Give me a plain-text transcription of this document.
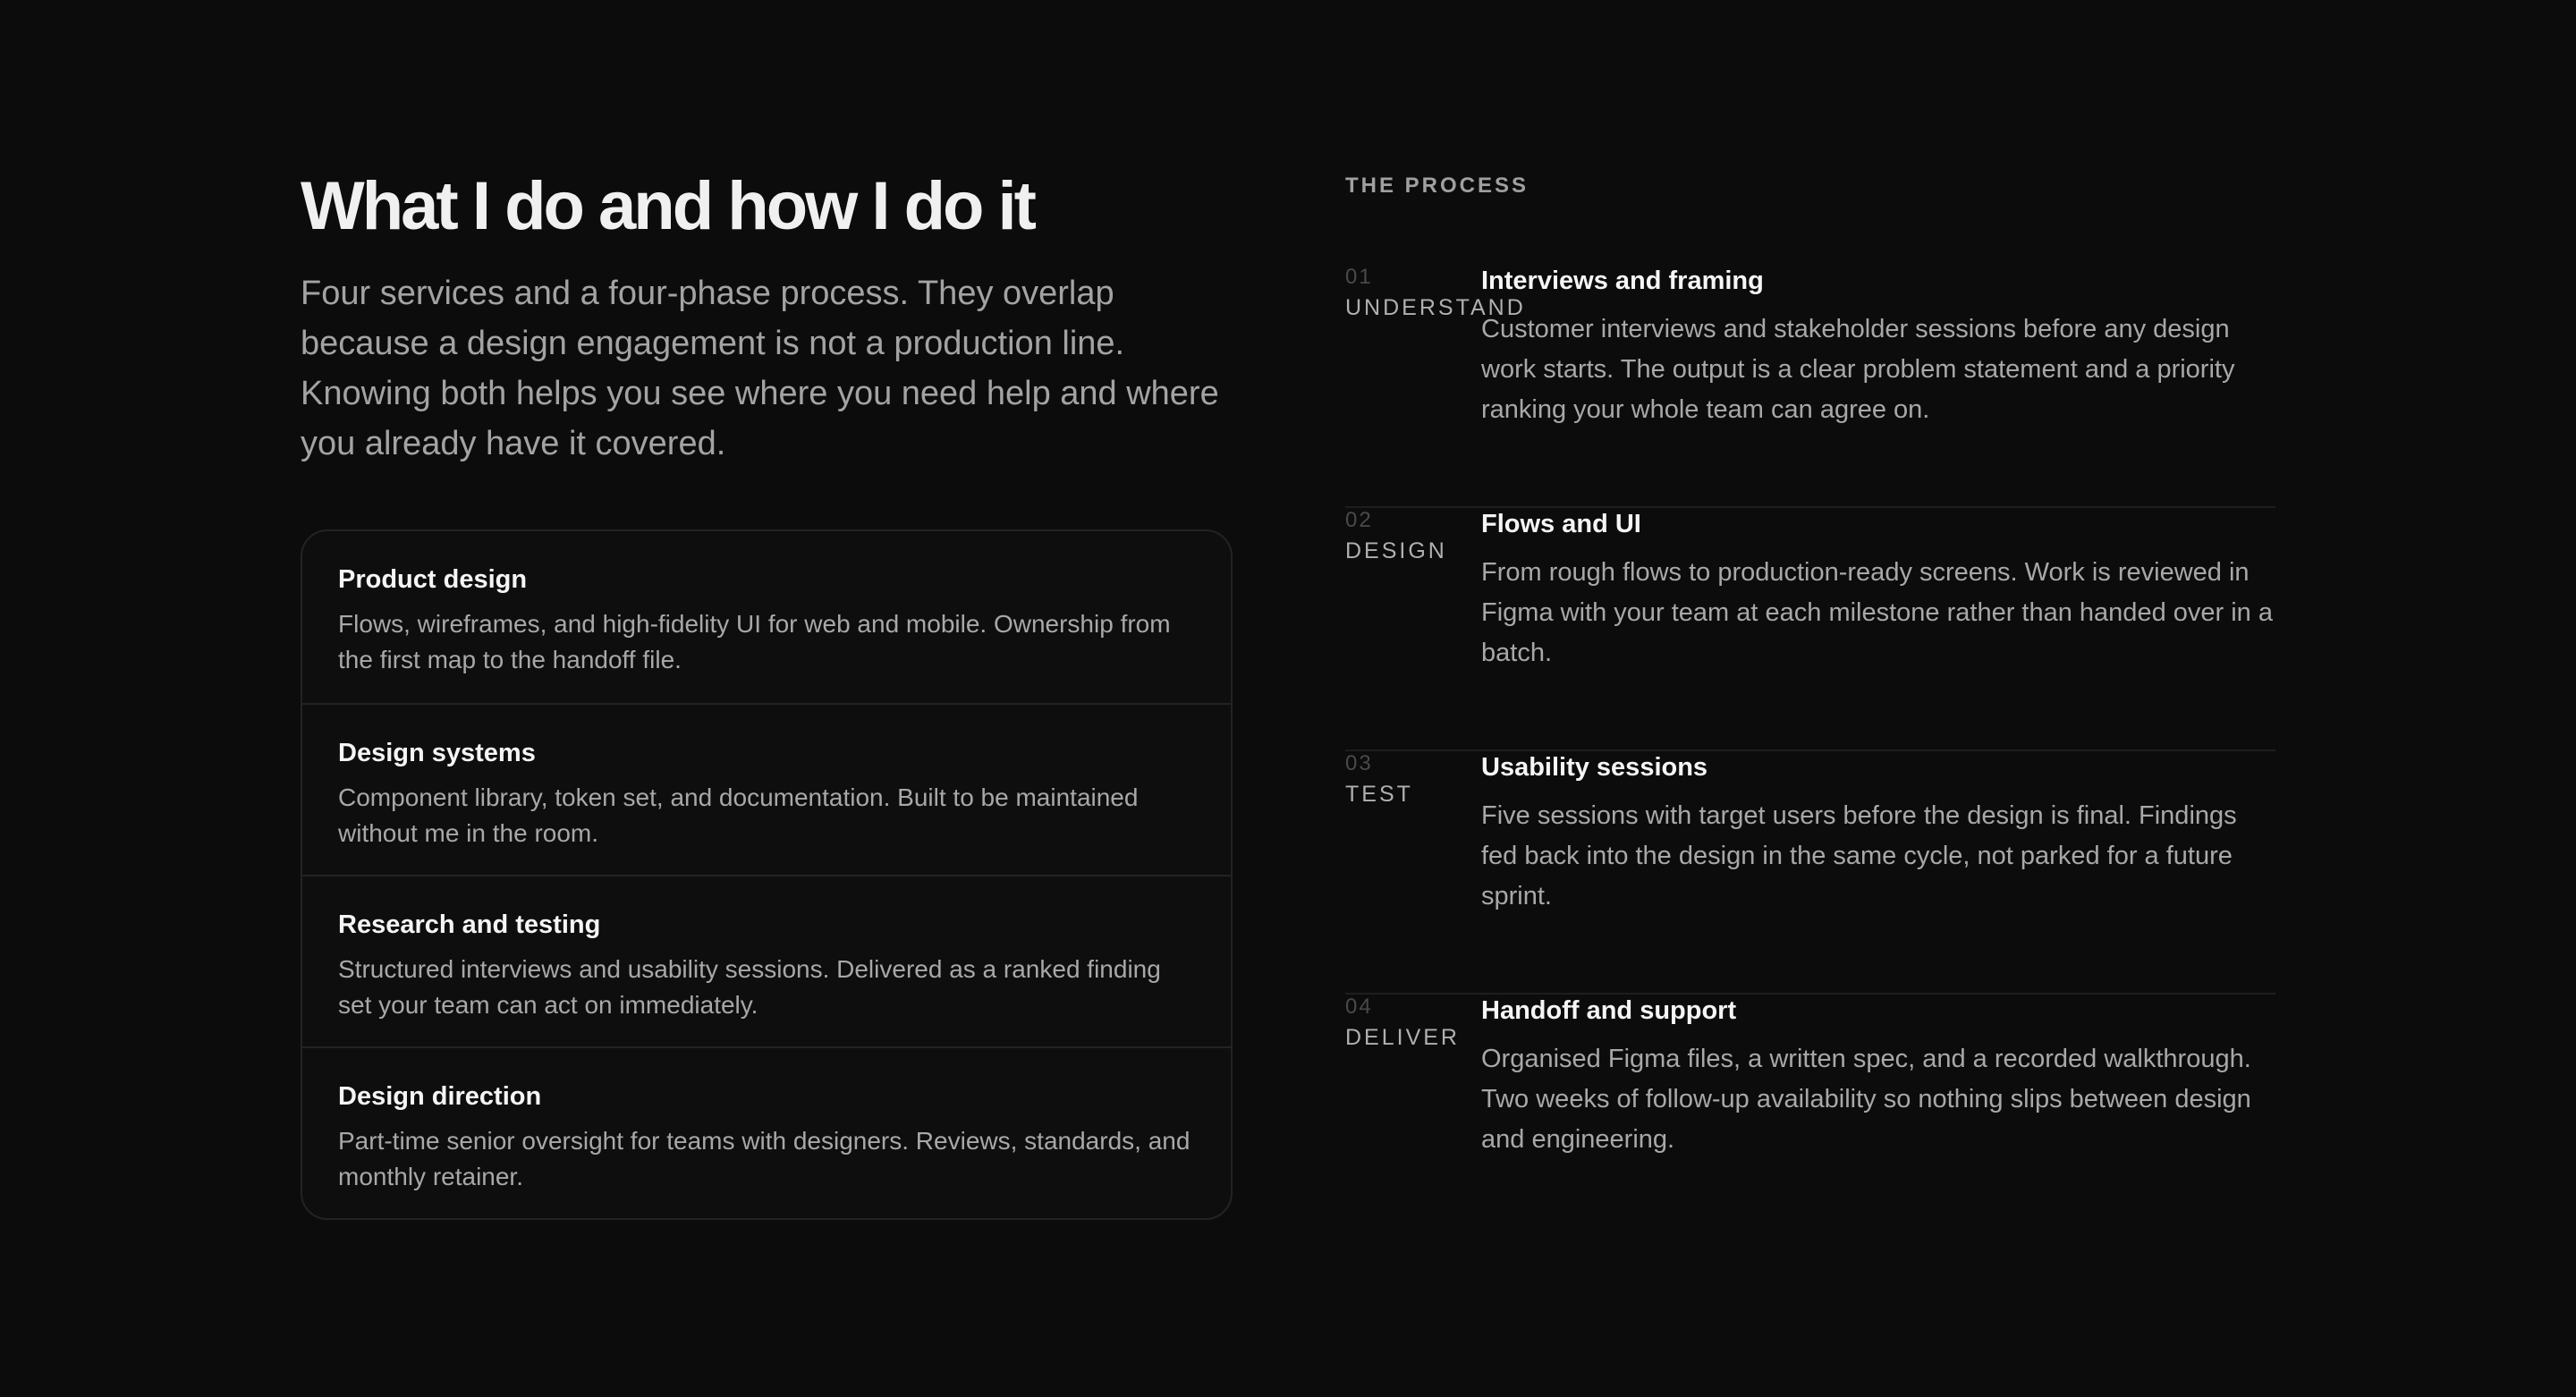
What I do and how I do it

Four services and a four-phase process. They overlap because a design engagement is not a production line. Knowing both helps you see where you need help and where you already have it covered.

Product design
Flows, wireframes, and high-fidelity UI for web and mobile. Ownership from the first map to the handoff file.
Design systems
Component library, token set, and documentation. Built to be maintained without me in the room.
Research and testing
Structured interviews and usability sessions. Delivered as a ranked finding set your team can act on immediately.
Design direction
Part-time senior oversight for teams with designers. Reviews, standards, and monthly retainer.
THE PROCESS
01
UNDERSTAND
Interviews and framing
Customer interviews and stakeholder sessions before any design work starts. The output is a clear problem statement and a priority ranking your whole team can agree on.
02
DESIGN
Flows and UI
From rough flows to production-ready screens. Work is reviewed in Figma with your team at each milestone rather than handed over in a batch.
03
TEST
Usability sessions
Five sessions with target users before the design is final. Findings fed back into the design in the same cycle, not parked for a future sprint.
04
DELIVER
Handoff and support
Organised Figma files, a written spec, and a recorded walkthrough. Two weeks of follow-up availability so nothing slips between design and engineering.
